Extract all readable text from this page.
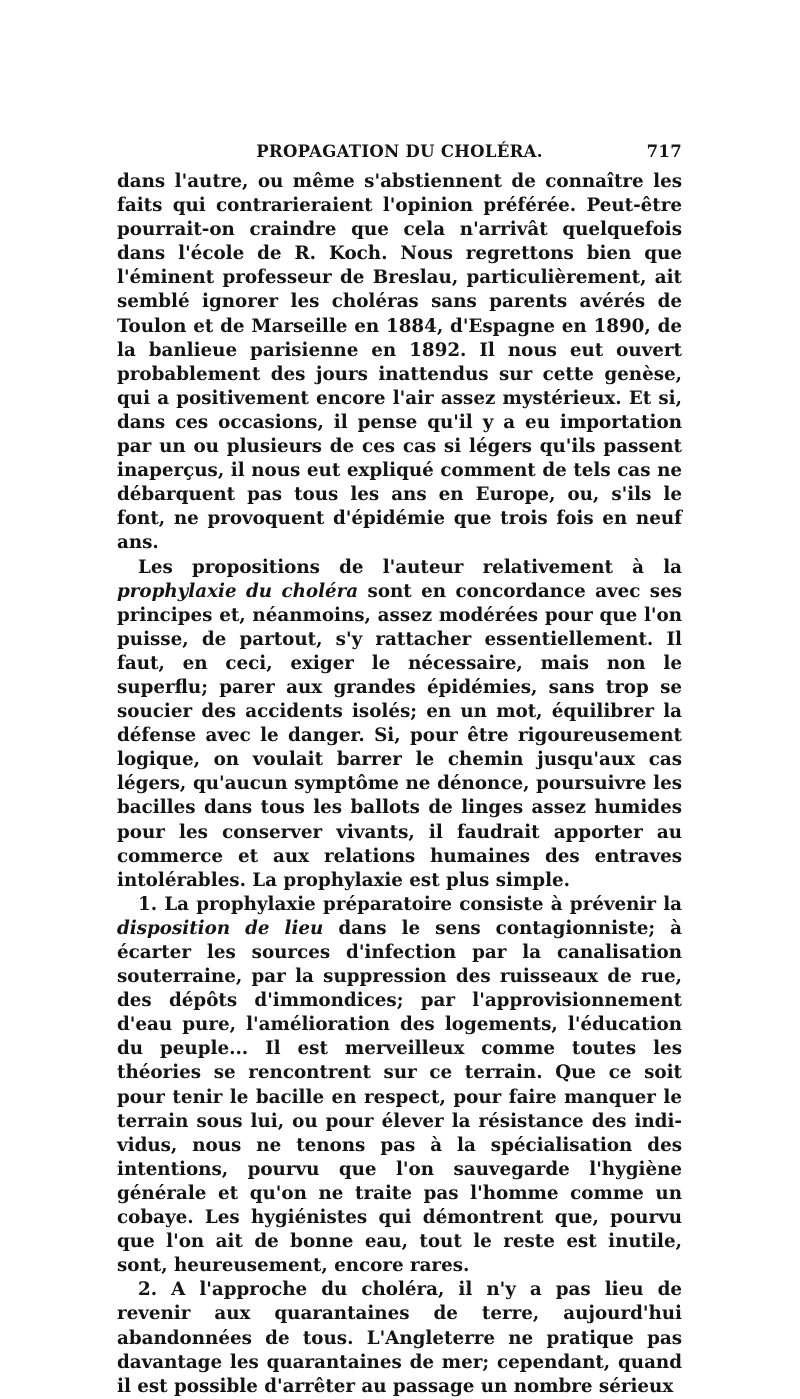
PROPAGATION DU CHOLÉRA.	717

dans l'autre, ou même s'abstiennent de connaître les faits qui contrarieraient l'opinion préférée. Peut-être pourrait-on craindre que cela n'arrivât quelquefois dans l'école de R. Koch. Nous regrettons bien que l'éminent professeur de Breslau, particulièrement, ait semblé ignorer les choléras sans parents avérés de Toulon et de Marseille en 1884, d'Espagne en 1890, de la banlieue parisienne en 1892. Il nous eut ouvert probablement des jours inattendus sur cette genèse, qui a positivement encore l'air assez mystérieux. Et si, dans ces occasions, il pense qu'il y a eu importation par un ou plusieurs de ces cas si légers qu'ils passent inaperçus, il nous eut expliqué comment de tels cas ne débarquent pas tous les ans en Europe, ou, s'ils le font, ne provoquent d'épidémie que trois fois en neuf ans.

Les propositions de l'auteur relativement à la prophylaxie du choléra sont en concordance avec ses principes et, néanmoins, assez modérées pour que l'on puisse, de partout, s'y rattacher essentiellement. Il faut, en ceci, exiger le nécessaire, mais non le superflu; parer aux grandes épidémies, sans trop se soucier des accidents isolés; en un mot, équilibrer la défense avec le danger. Si, pour être rigoureusement logique, on voulait barrer le chemin jusqu'aux cas légers, qu'aucun symptôme ne dénonce, poursuivre les bacilles dans tous les ballots de linges assez humides pour les conserver vivants, il faudrait apporter au commerce et aux relations humaines des entraves intolérables. La prophylaxie est plus simple.

1. La prophylaxie préparatoire consiste à prévenir la disposition de lieu dans le sens contagionniste; à écarter les sources d'infection par la canalisation souterraine, par la suppression des ruisseaux de rue, des dépôts d'immondices; par l'approvisionnement d'eau pure, l'amélioration des logements, l'éducation du peuple... Il est merveilleux comme toutes les théories se rencontrent sur ce terrain. Que ce soit pour tenir le bacille en respect, pour faire manquer le terrain sous lui, ou pour élever la résistance des individus, nous ne tenons pas à la spécialisation des intentions, pourvu que l'on sauvegarde l'hygiène générale et qu'on ne traite pas l'homme comme un cobaye. Les hygiénistes qui démontrent que, pourvu que l'on ait de bonne eau, tout le reste est inutile, sont, heureusement, encore rares.

2. A l'approche du choléra, il n'y a pas lieu de revenir aux quarantaines de terre, aujourd'hui abandonnées de tous. L'Angleterre ne pratique pas davantage les quarantaines de mer; cependant, quand il est possible d'arrêter au passage un nombre sérieux
